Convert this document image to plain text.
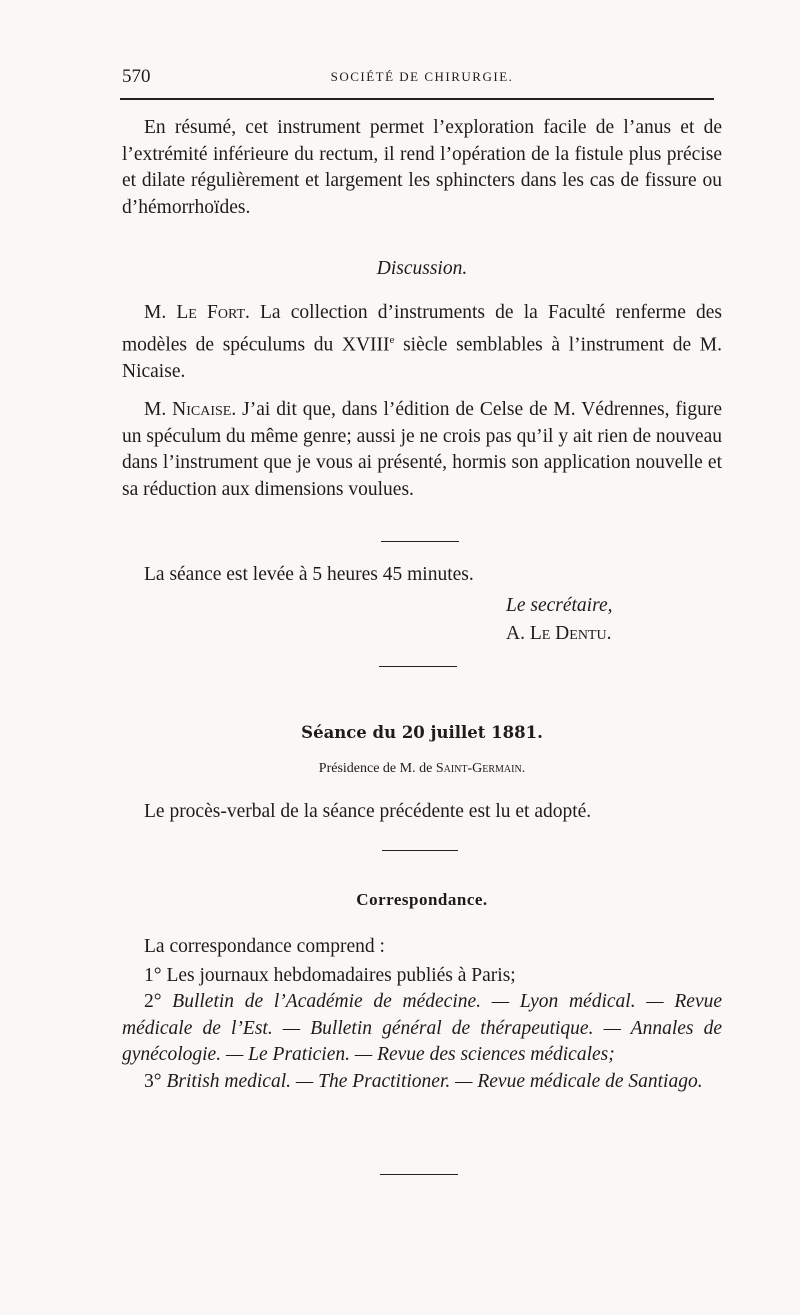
570	SOCIÉTÉ DE CHIRURGIE.

En résumé, cet instrument permet l’exploration facile de l’anus et de l’extrémité inférieure du rectum, il rend l’opération de la fistule plus précise et dilate régulièrement et largement les sphincters dans les cas de fissure ou d’hémorrhoïdes.

Discussion.

M. Le Fort. La collection d’instruments de la Faculté renferme des modèles de spéculums du XVIIIe siècle semblables à l’instrument de M. Nicaise.

M. Nicaise. J’ai dit que, dans l’édition de Celse de M. Védrennes, figure un spéculum du même genre; aussi je ne crois pas qu’il y ait rien de nouveau dans l’instrument que je vous ai présenté, hormis son application nouvelle et sa réduction aux dimensions voulues.

La séance est levée à 5 heures 45 minutes.

Le secrétaire,
A. Le Dentu.

Séance du 20 juillet 1881.

Présidence de M. de Saint-Germain.

Le procès-verbal de la séance précédente est lu et adopté.

Correspondance.

La correspondance comprend :

1° Les journaux hebdomadaires publiés à Paris;

2° Bulletin de l’Académie de médecine. — Lyon médical. — Revue médicale de l’Est. — Bulletin général de thérapeutique. — Annales de gynécologie. — Le Praticien. — Revue des sciences médicales;

3° British medical. — The Practitioner. — Revue médicale de Santiago.
